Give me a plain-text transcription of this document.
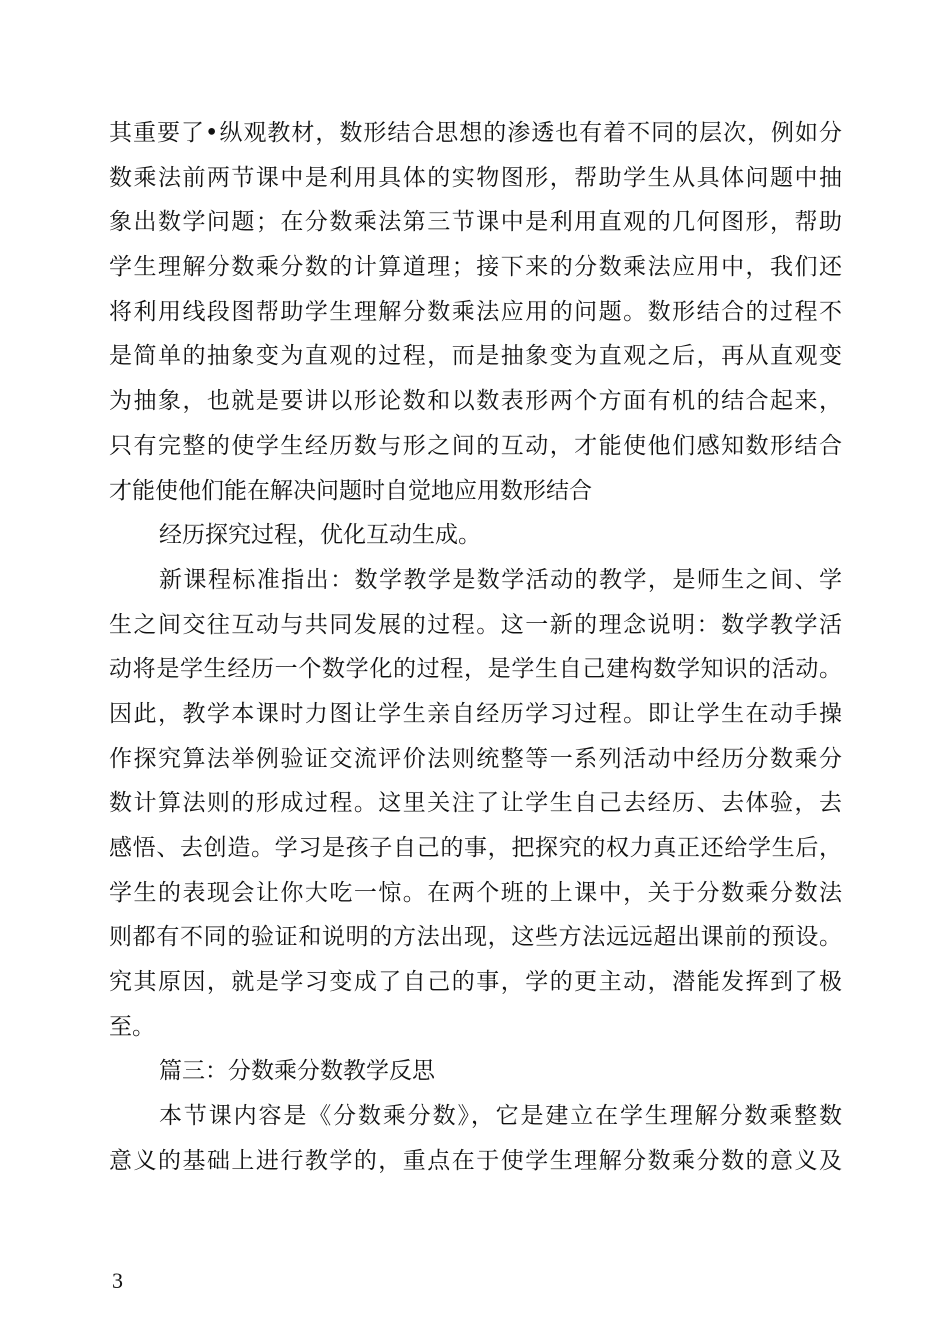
其重要了•纵观教材，数形结合思想的渗透也有着不同的层次，例如分
数乘法前两节课中是利用具体的实物图形，帮助学生从具体问题中抽
象出数学问题；在分数乘法第三节课中是利用直观的几何图形，帮助
学生理解分数乘分数的计算道理；接下来的分数乘法应用中，我们还
将利用线段图帮助学生理解分数乘法应用的问题。数形结合的过程不
是简单的抽象变为直观的过程，而是抽象变为直观之后，再从直观变
为抽象，也就是要讲以形论数和以数表形两个方面有机的结合起来，
只有完整的使学生经历数与形之间的互动，才能使他们感知数形结合
才能使他们能在解决问题时自觉地应用数形结合
经历探究过程，优化互动生成。
新课程标准指出：数学教学是数学活动的教学，是师生之间、学
生之间交往互动与共同发展的过程。这一新的理念说明：数学教学活
动将是学生经历一个数学化的过程，是学生自己建构数学知识的活动。
因此，教学本课时力图让学生亲自经历学习过程。即让学生在动手操
作探究算法举例验证交流评价法则统整等一系列活动中经历分数乘分
数计算法则的形成过程。这里关注了让学生自己去经历、去体验，去
感悟、去创造。学习是孩子自己的事，把探究的权力真正还给学生后，
学生的表现会让你大吃一惊。在两个班的上课中，关于分数乘分数法
则都有不同的验证和说明的方法出现，这些方法远远超出课前的预设。
究其原因，就是学习变成了自己的事，学的更主动，潜能发挥到了极
至。
篇三：分数乘分数教学反思
本节课内容是《分数乘分数》，它是建立在学生理解分数乘整数
意义的基础上进行教学的，重点在于使学生理解分数乘分数的意义及
3
